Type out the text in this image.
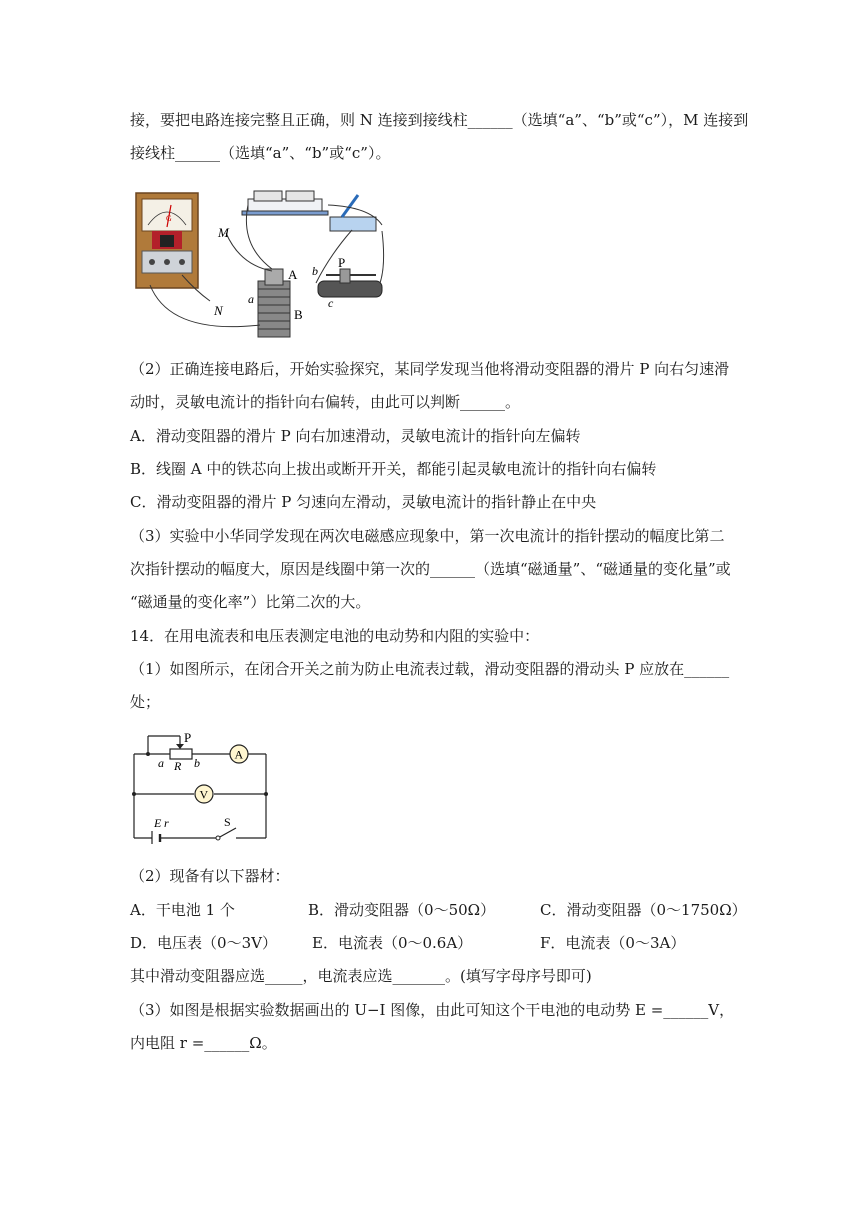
接，要把电路连接完整且正确，则 N 连接到接线柱______（选填“a”、“b”或“c”），M 连接到
接线柱______（选填“a”、“b”或“c”）。
G
M
N
A
B
a
b
c
P
（2）正确连接电路后，开始实验探究，某同学发现当他将滑动变阻器的滑片 P 向右匀速滑
动时，灵敏电流计的指针向右偏转，由此可以判断______。
A．滑动变阻器的滑片 P 向右加速滑动，灵敏电流计的指针向左偏转
B．线圈 A 中的铁芯向上拔出或断开开关，都能引起灵敏电流计的指针向右偏转
C．滑动变阻器的滑片 P 匀速向左滑动，灵敏电流计的指针静止在中央
（3）实验中小华同学发现在两次电磁感应现象中，第一次电流计的指针摆动的幅度比第二
次指针摆动的幅度大，原因是线圈中第一次的______（选填“磁通量”、“磁通量的变化量”或
“磁通量的变化率”）比第二次的大。
14．在用电流表和电压表测定电池的电动势和内阻的实验中：
（1）如图所示，在闭合开关之前为防止电流表过载，滑动变阻器的滑动头 P 应放在______
处；
A
V
P
a R b
E r	S
（2）现备有以下器材：
A．干电池 1 个	B．滑动变阻器（0～50Ω）	C．滑动变阻器（0～1750Ω）
D．电压表（0～3V） E．电流表（0～0.6A）	F．电流表（0～3A）
其中滑动变阻器应选_____，电流表应选_______。(填写字母序号即可)
（3）如图是根据实验数据画出的 U−I 图像，由此可知这个干电池的电动势 E =______V，
内电阻 r =______Ω。
